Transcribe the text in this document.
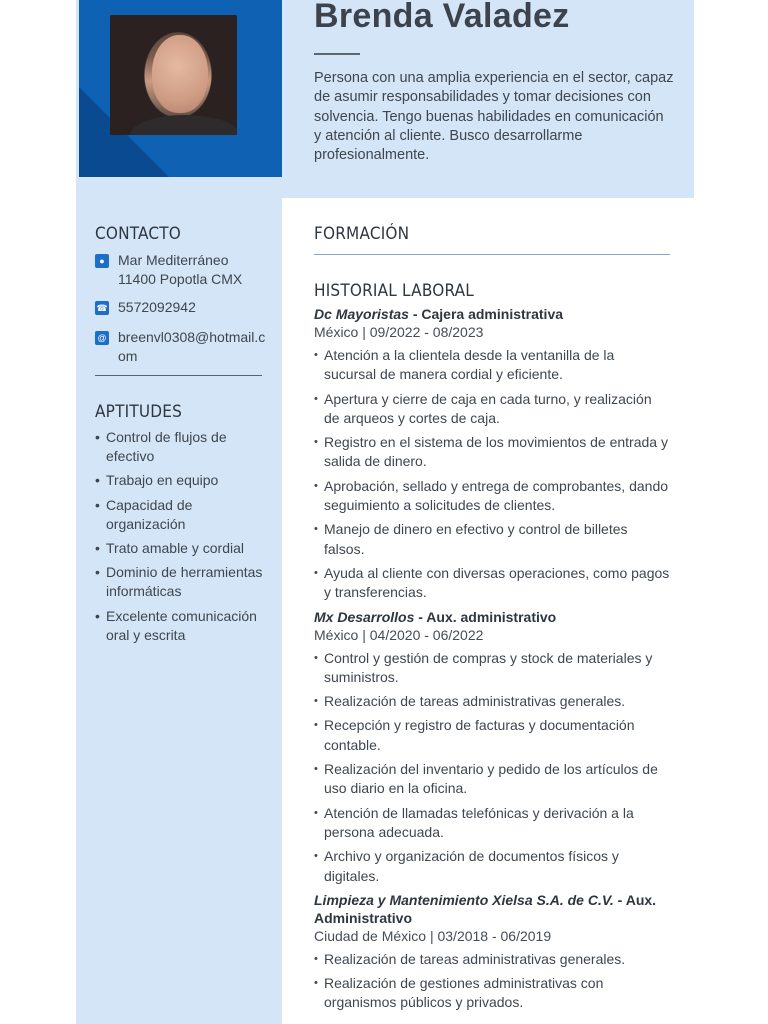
Brenda Valadez
Persona con una amplia experiencia en el sector, capaz de asumir responsabilidades y tomar decisiones con solvencia. Tengo buenas habilidades en comunicación y atención al cliente. Busco desarrollarme profesionalmente.
CONTACTO
● Mar Mediterráneo
11400 Popotla CMX
☎ 5572092942
@ breenvl0308@hotmail.com
APTITUDES
• Control de flujos de efectivo
• Trabajo en equipo
• Capacidad de organización
• Trato amable y cordial
• Dominio de herramientas informáticas
• Excelente comunicación oral y escrita
FORMACIÓN
HISTORIAL LABORAL
Dc Mayoristas - Cajera administrativa
México | 09/2022 - 08/2023
• Atención a la clientela desde la ventanilla de la sucursal de manera cordial y eficiente.
• Apertura y cierre de caja en cada turno, y realización de arqueos y cortes de caja.
• Registro en el sistema de los movimientos de entrada y salida de dinero.
• Aprobación, sellado y entrega de comprobantes, dando seguimiento a solicitudes de clientes.
• Manejo de dinero en efectivo y control de billetes falsos.
• Ayuda al cliente con diversas operaciones, como pagos y transferencias.
Mx Desarrollos - Aux. administrativo
México | 04/2020 - 06/2022
• Control y gestión de compras y stock de materiales y suministros.
• Realización de tareas administrativas generales.
• Recepción y registro de facturas y documentación contable.
• Realización del inventario y pedido de los artículos de uso diario en la oficina.
• Atención de llamadas telefónicas y derivación a la persona adecuada.
• Archivo y organización de documentos físicos y digitales.
Limpieza y Mantenimiento Xielsa S.A. de C.V. - Aux. Administrativo
Ciudad de México | 03/2018 - 06/2019
• Realización de tareas administrativas generales.
• Realización de gestiones administrativas con organismos públicos y privados.
